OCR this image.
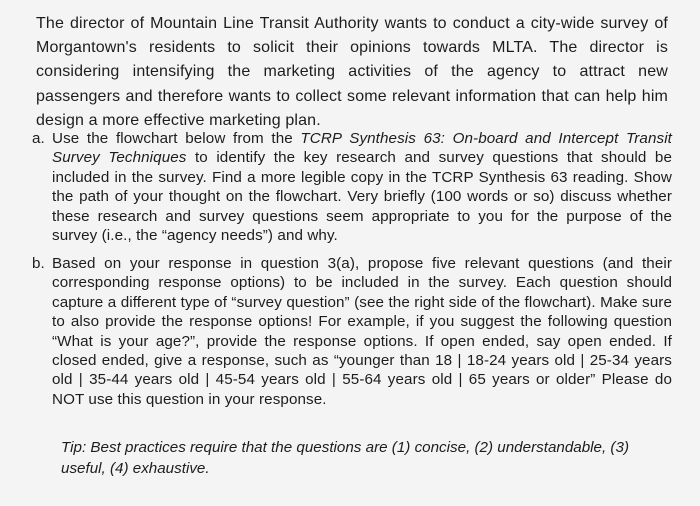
The director of Mountain Line Transit Authority wants to conduct a city-wide survey of Morgantown's residents to solicit their opinions towards MLTA. The director is considering intensifying the marketing activities of the agency to attract new passengers and therefore wants to collect some relevant information that can help him design a more effective marketing plan.

a. Use the flowchart below from the TCRP Synthesis 63: On-board and Intercept Transit Survey Techniques to identify the key research and survey questions that should be included in the survey. Find a more legible copy in the TCRP Synthesis 63 reading. Show the path of your thought on the flowchart. Very briefly (100 words or so) discuss whether these research and survey questions seem appropriate to you for the purpose of the survey (i.e., the “agency needs”) and why.
b. Based on your response in question 3(a), propose five relevant questions (and their corresponding response options) to be included in the survey. Each question should capture a different type of “survey question” (see the right side of the flowchart). Make sure to also provide the response options! For example, if you suggest the following question “What is your age?”, provide the response options. If open ended, say open ended. If closed ended, give a response, such as “younger than 18 | 18-24 years old | 25-34 years old | 35-44 years old | 45-54 years old | 55-64 years old | 65 years or older” Please do NOT use this question in your response.

Tip: Best practices require that the questions are (1) concise, (2) understandable, (3) useful, (4) exhaustive.
